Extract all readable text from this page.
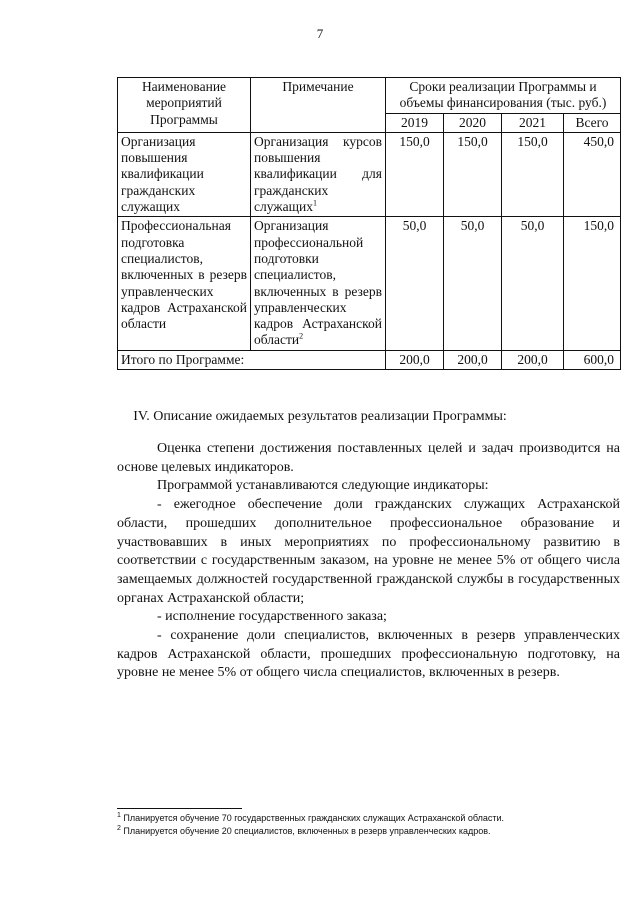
7
Наименование мероприятий Программы	Примечание	Сроки реализации Программы и объемы финансирования (тыс. руб.)			
		2019	2020	2021	Всего
Организация повышения квалификации гражданских служащих	Организация курсов повышения квалификации для гражданских служащих$^1$	150,0	150,0	150,0	450,0
Профессиональная подготовка специалистов, включенных в резерв управленческих кадров Астраханской области	Организация профессиональной подготовки специалистов, включенных в резерв управленческих кадров Астраханской области$^2$	50,0	50,0	50,0	150,0
Итого по Программе:		200,0	200,0	200,0	600,0
IV. Описание ожидаемых результатов реализации Программы:

Оценка степени достижения поставленных целей и задач производится на основе целевых индикаторов.

Программой устанавливаются следующие индикаторы:

- ежегодное обеспечение доли гражданских служащих Астраханской области, прошедших дополнительное профессиональное образование и участвовавших в иных мероприятиях по профессиональному развитию в соответствии с государственным заказом, на уровне не менее 5% от общего числа замещаемых должностей государственной гражданской службы в государственных органах Астраханской области;

- исполнение государственного заказа;

- сохранение доли специалистов, включенных в резерв управленческих кадров Астраханской области, прошедших профессиональную подготовку, на уровне не менее 5% от общего числа специалистов, включенных в резерв.

$^1$ Планируется обучение 70 государственных гражданских служащих Астраханской области.

$^2$ Планируется обучение 20 специалистов, включенных в резерв управленческих кадров.
